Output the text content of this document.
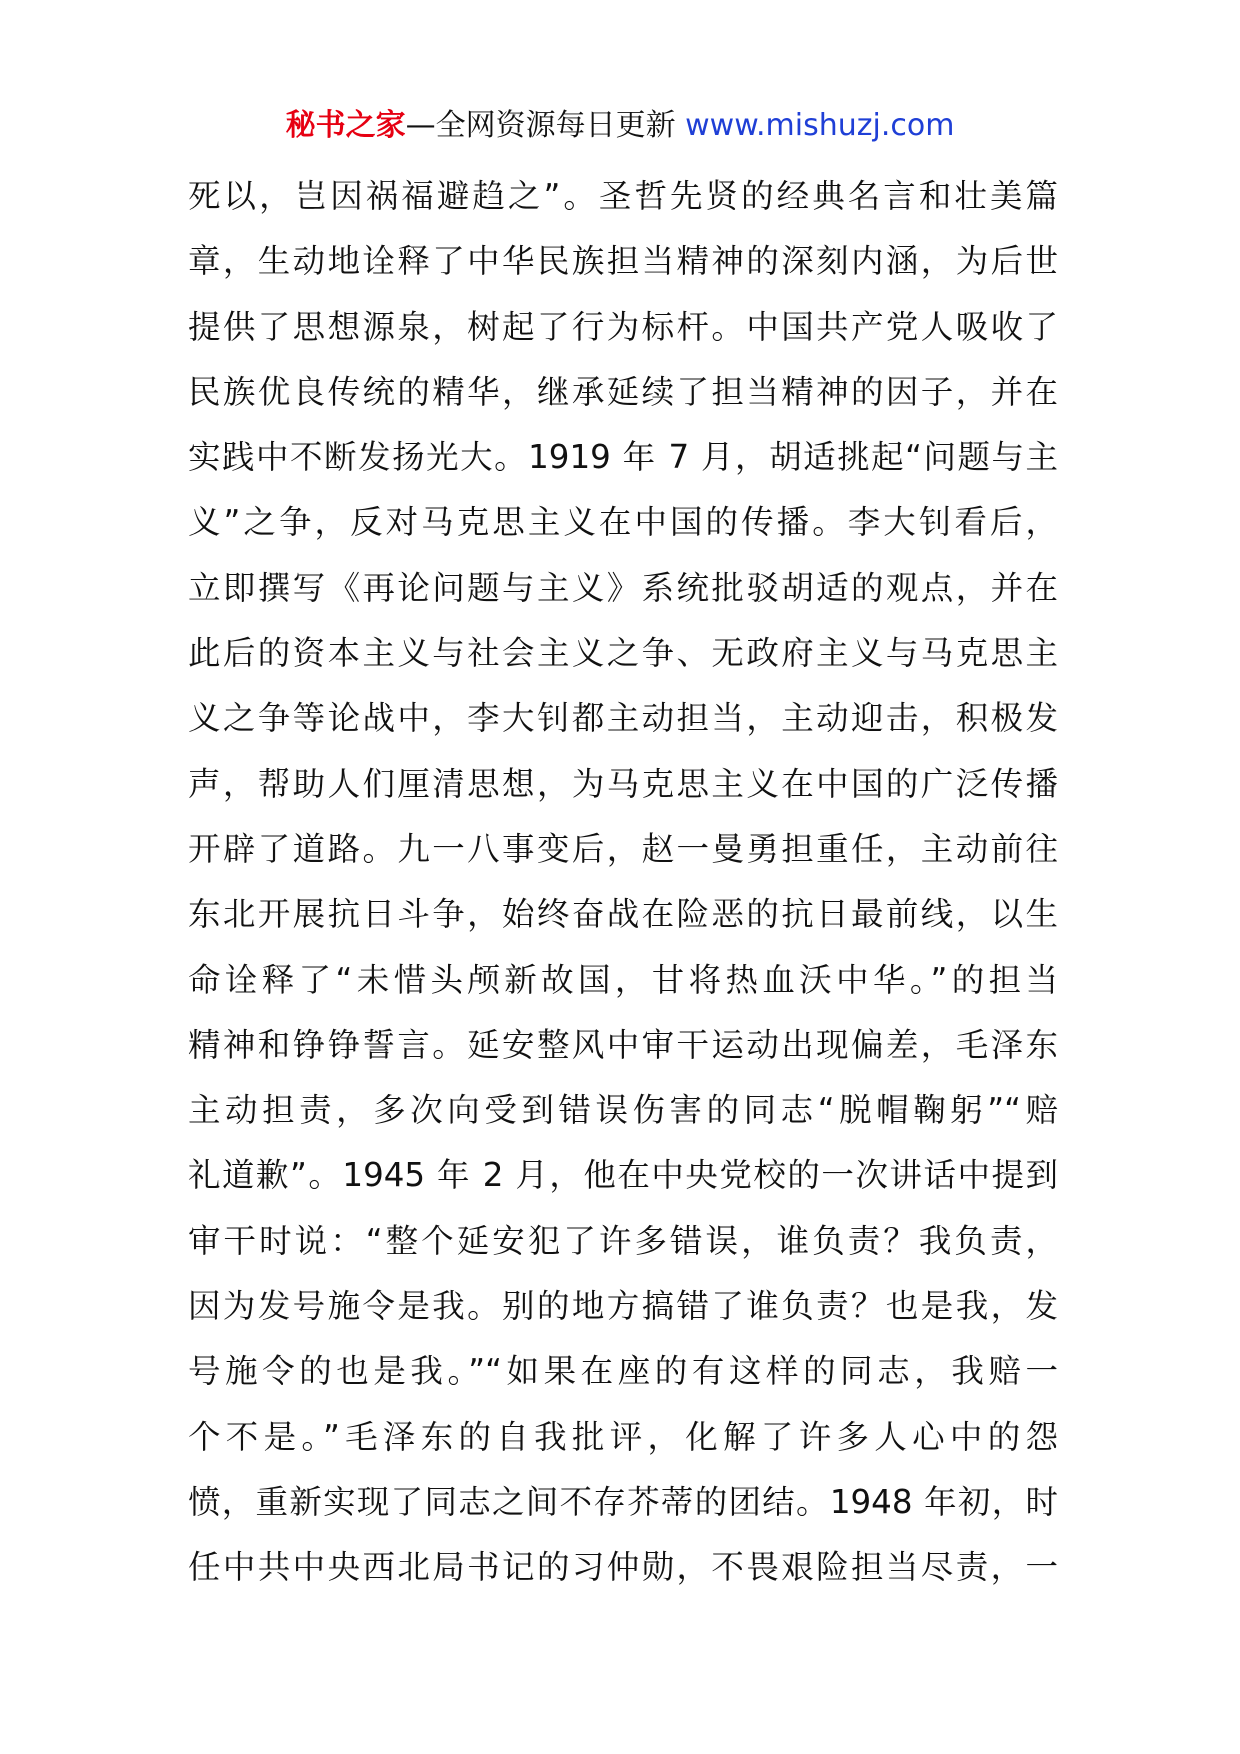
秘书之家—全网资源每日更新 www.mishuzj.com
死以，岂因祸福避趋之”。圣哲先贤的经典名言和壮美篇
章，生动地诠释了中华民族担当精神的深刻内涵，为后世
提供了思想源泉，树起了行为标杆。中国共产党人吸收了
民族优良传统的精华，继承延续了担当精神的因子，并在
实践中不断发扬光大。1919 年 7 月，胡适挑起“问题与主
义”之争，反对马克思主义在中国的传播。李大钊看后，
立即撰写《再论问题与主义》系统批驳胡适的观点，并在
此后的资本主义与社会主义之争、无政府主义与马克思主
义之争等论战中，李大钊都主动担当，主动迎击，积极发
声，帮助人们厘清思想，为马克思主义在中国的广泛传播
开辟了道路。九一八事变后，赵一曼勇担重任，主动前往
东北开展抗日斗争，始终奋战在险恶的抗日最前线，以生
命诠释了“未惜头颅新故国，甘将热血沃中华。”的担当
精神和铮铮誓言。延安整风中审干运动出现偏差，毛泽东
主动担责，多次向受到错误伤害的同志“脱帽鞠躬”“赔
礼道歉”。1945 年 2 月，他在中央党校的一次讲话中提到
审干时说：“整个延安犯了许多错误，谁负责？我负责，
因为发号施令是我。别的地方搞错了谁负责？也是我，发
号施令的也是我。”“如果在座的有这样的同志，我赔一
个不是。”毛泽东的自我批评，化解了许多人心中的怨
愤，重新实现了同志之间不存芥蒂的团结。1948 年初，时
任中共中央西北局书记的习仲勋，不畏艰险担当尽责，一
